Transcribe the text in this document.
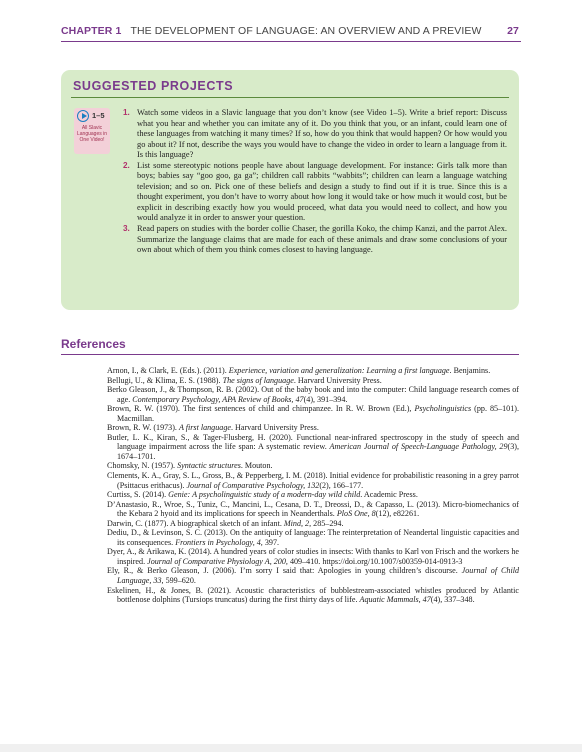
CHAPTER 1 THE DEVELOPMENT OF LANGUAGE: AN OVERVIEW AND A PREVIEW 27
SUGGESTED PROJECTS
1–5
All Slavic Languages in One Video!
1. Watch some videos in a Slavic language that you don’t know (see Video 1–5). Write a brief report: Discuss what you hear and whether you can imitate any of it. Do you think that you, or an infant, could learn one of these languages from watching it many times? If so, how do you think that would happen? Or how would you go about it? If not, describe the ways you would have to change the video in order to learn a language from it. Is this language?
2. List some stereotypic notions people have about language development. For instance: Girls talk more than boys; babies say “goo goo, ga ga”; children call rabbits “wabbits”; children can learn a language watching television; and so on. Pick one of these beliefs and design a study to find out if it is true. Since this is a thought experiment, you don’t have to worry about how long it would take or how much it would cost, but be explicit in describing exactly how you would proceed, what data you would need to collect, and how you would analyze it in order to answer your question.
3. Read papers on studies with the border collie Chaser, the gorilla Koko, the chimp Kanzi, and the parrot Alex. Summarize the language claims that are made for each of these animals and draw some conclusions of your own about which of them you think comes closest to having language.
References

Arnon, I., & Clark, E. (Eds.). (2011). Experience, variation and generalization: Learning a first language. Benjamins.

Bellugi, U., & Klima, E. S. (1988). The signs of language. Harvard University Press.

Berko Gleason, J., & Thompson, R. B. (2002). Out of the baby book and into the computer: Child language research comes of age. Contemporary Psychology, APA Review of Books, 47(4), 391–394.

Brown, R. W. (1970). The first sentences of child and chimpanzee. In R. W. Brown (Ed.), Psycholinguistics (pp. 85–101). Macmillan.

Brown, R. W. (1973). A first language. Harvard University Press.

Butler, L. K., Kiran, S., & Tager-Flusberg, H. (2020). Functional near-infrared spectroscopy in the study of speech and language impairment across the life span: A systematic review. American Journal of Speech-Language Pathology, 29(3), 1674–1701.

Chomsky, N. (1957). Syntactic structures. Mouton.

Clements, K. A., Gray, S. L., Gross, B., & Pepperberg, I. M. (2018). Initial evidence for probabilistic reasoning in a grey parrot (Psittacus erithacus). Journal of Comparative Psychology, 132(2), 166–177.

Curtiss, S. (2014). Genie: A psycholinguistic study of a modern-day wild child. Academic Press.

D’Anastasio, R., Wroe, S., Tuniz, C., Mancini, L., Cesana, D. T., Dreossi, D., & Capasso, L. (2013). Micro-biomechanics of the Kebara 2 hyoid and its implications for speech in Neanderthals. PloS One, 8(12), e82261.

Darwin, C. (1877). A biographical sketch of an infant. Mind, 2, 285–294.

Dediu, D., & Levinson, S. C. (2013). On the antiquity of language: The reinterpretation of Neandertal linguistic capacities and its consequences. Frontiers in Psychology, 4, 397.

Dyer, A., & Arikawa, K. (2014). A hundred years of color studies in insects: With thanks to Karl von Frisch and the workers he inspired. Journal of Comparative Physiology A, 200, 409–410. https://doi.org/10.1007/s00359-014-0913-3

Ely, R., & Berko Gleason, J. (2006). I’m sorry I said that: Apologies in young children’s discourse. Journal of Child Language, 33, 599–620.

Eskelinen, H., & Jones, B. (2021). Acoustic characteristics of bubblestream-associated whistles produced by Atlantic bottlenose dolphins (Tursiops truncatus) during the first thirty days of life. Aquatic Mammals, 47(4), 337–348.
